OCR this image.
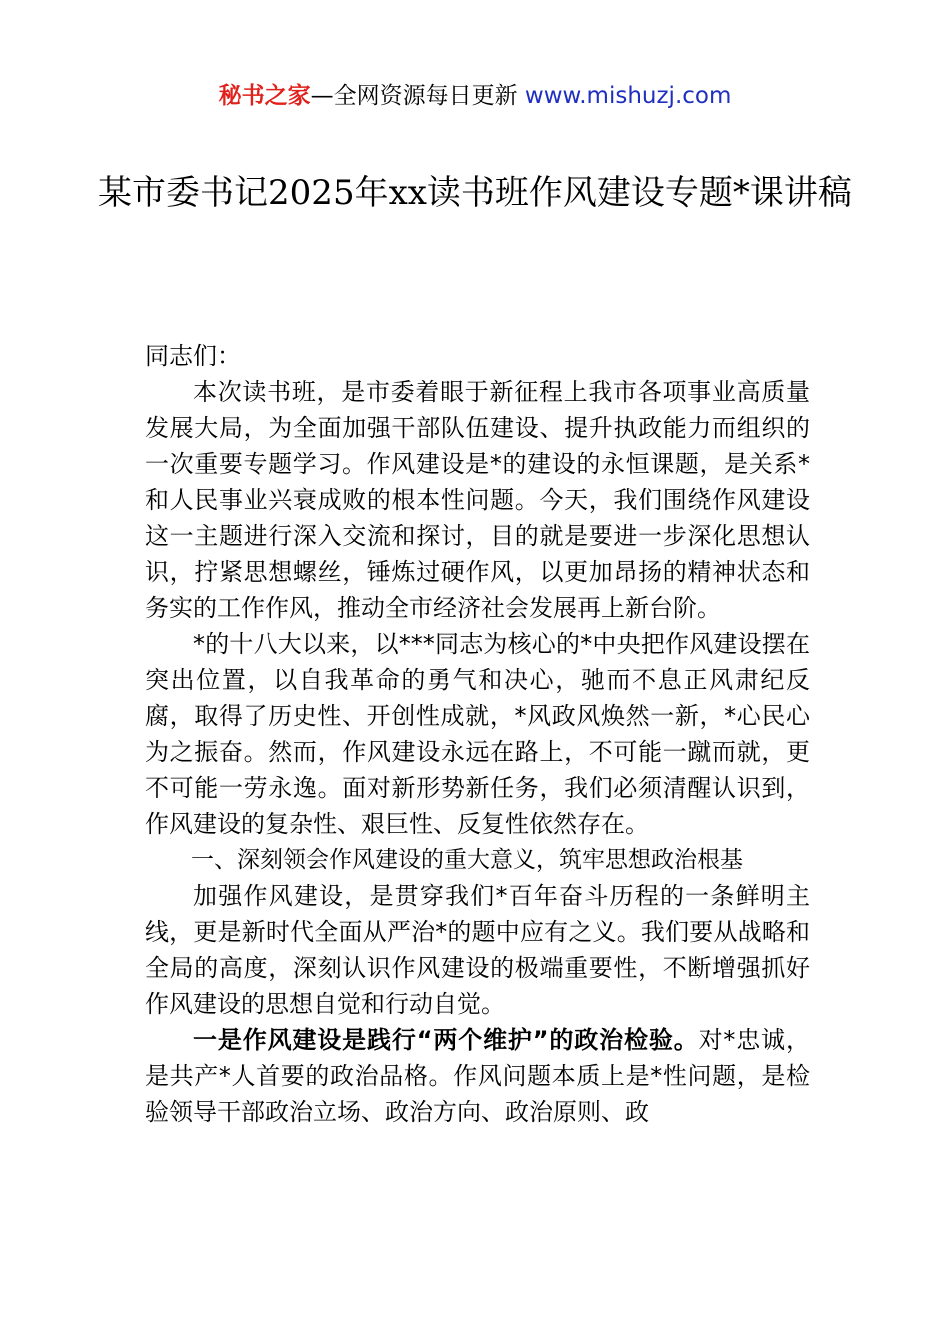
秘书之家—全网资源每日更新 www.mishuzj.com
某市委书记2025年xx读书班作风建设专题*课讲稿

同志们：

本次读书班，是市委着眼于新征程上我市各项事业高质量发展大局，为全面加强干部队伍建设、提升执政能力而组织的一次重要专题学习。作风建设是*的建设的永恒课题，是关系*和人民事业兴衰成败的根本性问题。今天，我们围绕作风建设这一主题进行深入交流和探讨，目的就是要进一步深化思想认识，拧紧思想螺丝，锤炼过硬作风，以更加昂扬的精神状态和务实的工作作风，推动全市经济社会发展再上新台阶。

*的十八大以来，以***同志为核心的*中央把作风建设摆在突出位置，以自我革命的勇气和决心，驰而不息正风肃纪反腐，取得了历史性、开创性成就，*风政风焕然一新，*心民心为之振奋。然而，作风建设永远在路上，不可能一蹴而就，更不可能一劳永逸。面对新形势新任务，我们必须清醒认识到，作风建设的复杂性、艰巨性、反复性依然存在。

一、深刻领会作风建设的重大意义，筑牢思想政治根基

加强作风建设，是贯穿我们*百年奋斗历程的一条鲜明主线，更是新时代全面从严治*的题中应有之义。我们要从战略和全局的高度，深刻认识作风建设的极端重要性，不断增强抓好作风建设的思想自觉和行动自觉。

一是作风建设是践行“两个维护”的政治检验。对*忠诚，是共产*人首要的政治品格。作风问题本质上是*性问题，是检验领导干部政治立场、政治方向、政治原则、政
